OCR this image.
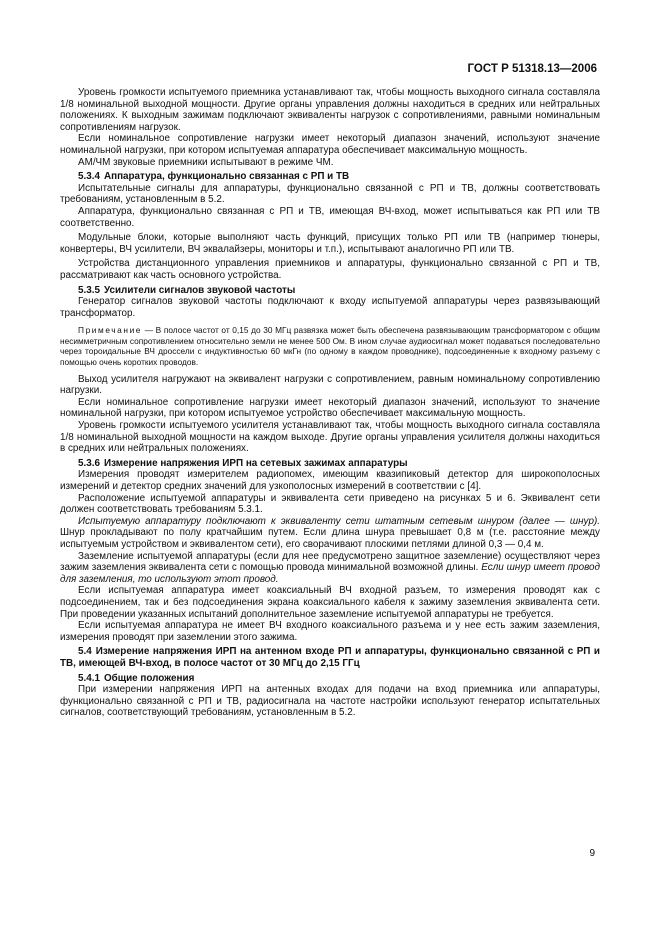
ГОСТ Р 51318.13—2006

Уровень громкости испытуемого приемника устанавливают так, чтобы мощность выходного сигнала составляла 1/8 номинальной выходной мощности. Другие органы управления должны находиться в средних или нейтральных положениях. К выходным зажимам подключают эквиваленты нагрузок с сопротивлениями, равными номинальным сопротивлениям нагрузок.

Если номинальное сопротивление нагрузки имеет некоторый диапазон значений, используют значение номинальной нагрузки, при котором испытуемая аппаратура обеспечивает максимальную мощность.

АМ/ЧМ звуковые приемники испытывают в режиме ЧМ.

5.3.4 Аппаратура, функционально связанная с РП и ТВ

Испытательные сигналы для аппаратуры, функционально связанной с РП и ТВ, должны соответствовать требованиям, установленным в 5.2.

Аппаратура, функционально связанная с РП и ТВ, имеющая ВЧ-вход, может испытываться как РП или ТВ соответственно.

Модульные блоки, которые выполняют часть функций, присущих только РП или ТВ (например тюнеры, конвертеры, ВЧ усилители, ВЧ эквалайзеры, мониторы и т.п.), испытывают аналогично РП или ТВ.

Устройства дистанционного управления приемников и аппаратуры, функционально связанной с РП и ТВ, рассматривают как часть основного устройства.

5.3.5 Усилители сигналов звуковой частоты

Генератор сигналов звуковой частоты подключают к входу испытуемой аппаратуры через развязывающий трансформатор.

Примечание — В полосе частот от 0,15 до 30 МГц развязка может быть обеспечена развязывающим трансформатором с общим несимметричным сопротивлением относительно земли не менее 500 Ом. В ином случае аудиосигнал может подаваться последовательно через тороидальные ВЧ дроссели с индуктивностью 60 мкГн (по одному в каждом проводнике), подсоединенные к входному разъему с помощью очень коротких проводов.

Выход усилителя нагружают на эквивалент нагрузки с сопротивлением, равным номинальному сопротивлению нагрузки.

Если номинальное сопротивление нагрузки имеет некоторый диапазон значений, используют то значение номинальной нагрузки, при котором испытуемое устройство обеспечивает максимальную мощность.

Уровень громкости испытуемого усилителя устанавливают так, чтобы мощность выходного сигнала составляла 1/8 номинальной выходной мощности на каждом выходе. Другие органы управления усилителя должны находиться в средних или нейтральных положениях.

5.3.6 Измерение напряжения ИРП на сетевых зажимах аппаратуры

Измерения проводят измерителем радиопомех, имеющим квазипиковый детектор для широкополосных измерений и детектор средних значений для узкополосных измерений в соответствии с [4].

Расположение испытуемой аппаратуры и эквивалента сети приведено на рисунках 5 и 6. Эквивалент сети должен соответствовать требованиям 5.3.1.

Испытуемую аппаратуру подключают к эквиваленту сети штатным сетевым шнуром (далее — шнур). Шнур прокладывают по полу кратчайшим путем. Если длина шнура превышает 0,8 м (т.е. расстояние между испытуемым устройством и эквивалентом сети), его сворачивают плоскими петлями длиной 0,3 — 0,4 м.

Заземление испытуемой аппаратуры (если для нее предусмотрено защитное заземление) осуществляют через зажим заземления эквивалента сети с помощью провода минимальной возможной длины. Если шнур имеет провод для заземления, то используют этот провод.

Если испытуемая аппаратура имеет коаксиальный ВЧ входной разъем, то измерения проводят как с подсоединением, так и без подсоединения экрана коаксиального кабеля к зажиму заземления эквивалента сети. При проведении указанных испытаний дополнительное заземление испытуемой аппаратуры не требуется.

Если испытуемая аппаратура не имеет ВЧ входного коаксиального разъема и у нее есть зажим заземления, измерения проводят при заземлении этого зажима.

5.4 Измерение напряжения ИРП на антенном входе РП и аппаратуры, функционально связанной с РП и ТВ, имеющей ВЧ-вход, в полосе частот от 30 МГц до 2,15 ГГц
5.4.1 Общие положения

При измерении напряжения ИРП на антенных входах для подачи на вход приемника или аппаратуры, функционально связанной с РП и ТВ, радиосигнала на частоте настройки используют генератор испытательных сигналов, соответствующий требованиям, установленным в 5.2.

9
